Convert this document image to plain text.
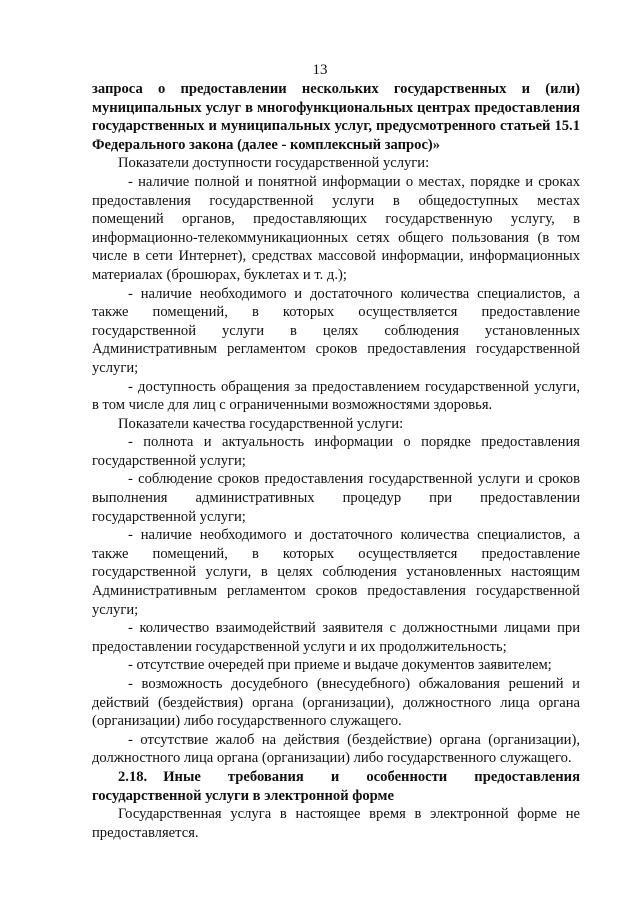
13

запроса о предоставлении нескольких государственных и (или) муниципальных услуг в многофункциональных центрах предоставления государственных и муниципальных услуг, предусмотренного статьей 15.1 Федерального закона (далее - комплексный запрос)»

Показатели доступности государственной услуги:

- наличие полной и понятной информации о местах, порядке и сроках предоставления государственной услуги в общедоступных местах помещений органов, предоставляющих государственную услугу, в информационно-телекоммуникационных сетях общего пользования (в том числе в сети Интернет), средствах массовой информации, информационных материалах (брошюрах, буклетах и т. д.);

- наличие необходимого и достаточного количества специалистов, а также помещений, в которых осуществляется предоставление государственной услуги в целях соблюдения установленных Административным регламентом сроков предоставления государственной услуги;

- доступность обращения за предоставлением государственной услуги, в том числе для лиц с ограниченными возможностями здоровья.

Показатели качества государственной услуги:

- полнота и актуальность информации о порядке предоставления государственной услуги;

- соблюдение сроков предоставления государственной услуги и сроков выполнения административных процедур при предоставлении государственной услуги;

- наличие необходимого и достаточного количества специалистов, а также помещений, в которых осуществляется предоставление государственной услуги, в целях соблюдения установленных настоящим Административным регламентом сроков предоставления государственной услуги;

- количество взаимодействий заявителя с должностными лицами при предоставлении государственной услуги и их продолжительность;

- отсутствие очередей при приеме и выдаче документов заявителем;

- возможность досудебного (внесудебного) обжалования решений и действий (бездействия) органа (организации), должностного лица органа (организации) либо государственного служащего.

- отсутствие жалоб на действия (бездействие) органа (организации), должностного лица органа (организации) либо государственного служащего.

2.18. Иные требования и особенности предоставления

государственной услуги в электронной форме

Государственная услуга в настоящее время в электронной форме не предоставляется.
